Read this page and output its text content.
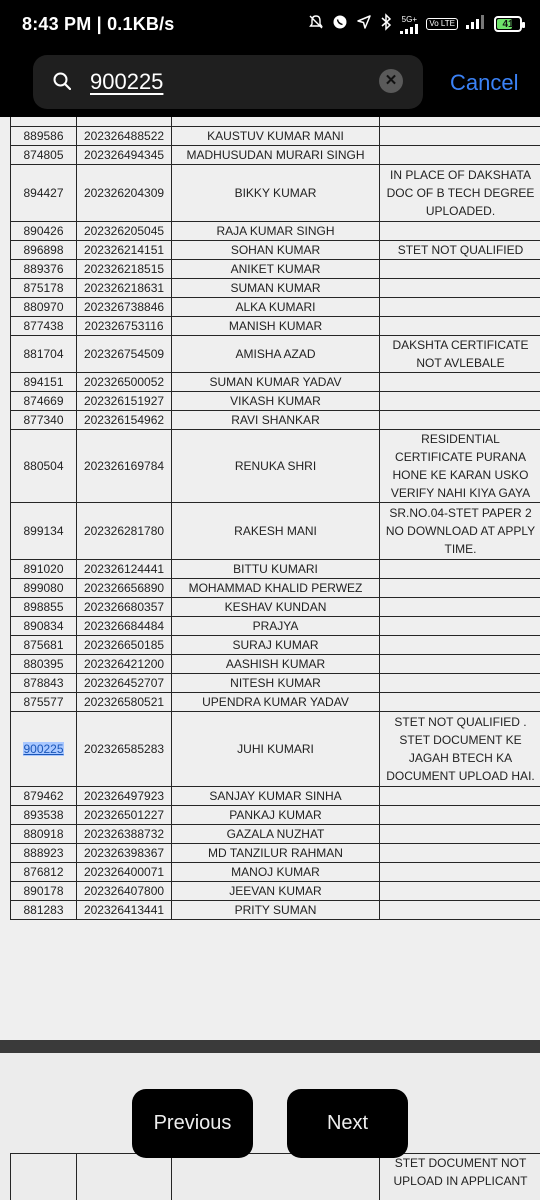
8:43 PM | 0.1KB/s	5G+	Vo LTE	41
900225	✕ Cancel

889586	202326488522	KAUSTUV KUMAR MANI	
874805	202326494345	MADHUSUDAN MURARI SINGH	
894427	202326204309	BIKKY KUMAR	IN PLACE OF DAKSHATA DOC OF B TECH DEGREE UPLOADED.
890426	202326205045	RAJA KUMAR SINGH	
896898	202326214151	SOHAN KUMAR	STET NOT QUALIFIED
889376	202326218515	ANIKET KUMAR	
875178	202326218631	SUMAN KUMAR	
880970	202326738846	ALKA KUMARI	
877438	202326753116	MANISH KUMAR	
881704	202326754509	AMISHA AZAD	DAKSHTA CERTIFICATE NOT AVLEBALE
894151	202326500052	SUMAN KUMAR YADAV	
874669	202326151927	VIKASH KUMAR	
877340	202326154962	RAVI SHANKAR	
880504	202326169784	RENUKA SHRI	RESIDENTIAL CERTIFICATE PURANA HONE KE KARAN USKO VERIFY NAHI KIYA GAYA
899134	202326281780	RAKESH MANI	SR.NO.04-STET PAPER 2 NO DOWNLOAD AT APPLY TIME.
891020	202326124441	BITTU KUMARI	
899080	202326656890	MOHAMMAD KHALID PERWEZ	
898855	202326680357	KESHAV KUNDAN	
890834	202326684484	PRAJYA	
875681	202326650185	SURAJ KUMAR	
880395	202326421200	AASHISH KUMAR	
878843	202326452707	NITESH KUMAR	
875577	202326580521	UPENDRA KUMAR YADAV	
900225	202326585283	JUHI KUMARI	STET NOT QUALIFIED . STET DOCUMENT KE JAGAH BTECH KA DOCUMENT UPLOAD HAI.
879462	202326497923	SANJAY KUMAR SINHA	
893538	202326501227	PANKAJ KUMAR	
880918	202326388732	GAZALA NUZHAT	
888923	202326398367	MD TANZILUR RAHMAN	
876812	202326400071	MANOJ KUMAR	
890178	202326407800	JEEVAN KUMAR	
881283	202326413441	PRITY SUMAN	
			STET DOCUMENT NOT UPLOAD IN APPLICANT
Previous	Next
